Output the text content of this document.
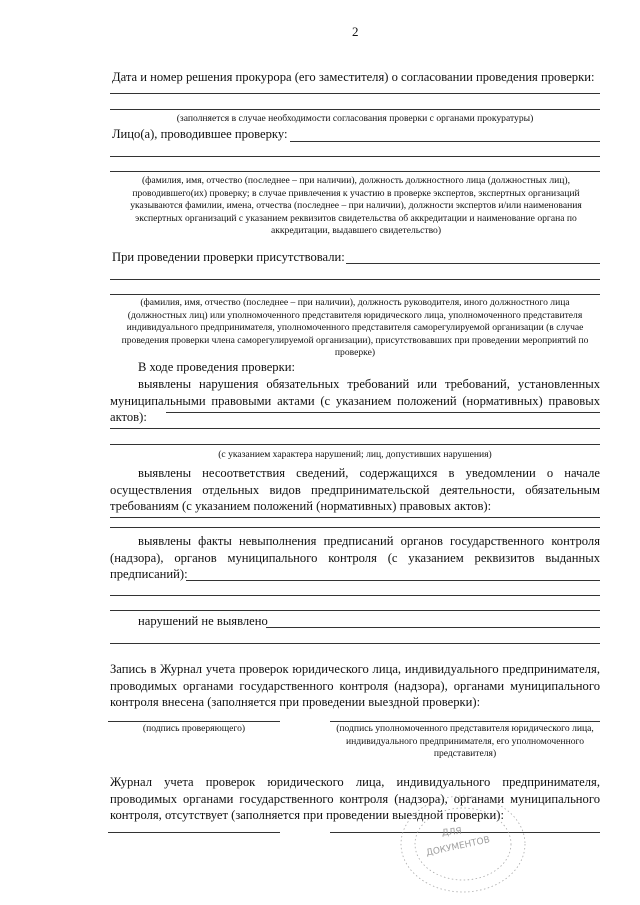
2
Дата и номер решения прокурора (его заместителя) о согласовании проведения проверки:
(заполняется в случае необходимости согласования проверки с органами прокуратуры)
Лицо(а), проводившее проверку:
(фамилия, имя, отчество (последнее – при наличии), должность должностного лица (должностных лиц), проводившего(их) проверку; в случае привлечения к участию в проверке экспертов, экспертных организаций указываются фамилии, имена, отчества (последнее – при наличии), должности экспертов и/или наименования экспертных организаций с указанием реквизитов свидетельства об аккредитации и наименование органа по аккредитации, выдавшего свидетельство)
При проведении проверки присутствовали:
(фамилия, имя, отчество (последнее – при наличии), должность руководителя, иного должностного лица (должностных лиц) или уполномоченного представителя юридического лица, уполномоченного представителя индивидуального предпринимателя, уполномоченного представителя саморегулируемой организации (в случае проведения проверки члена саморегулируемой организации), присутствовавших при проведении мероприятий по проверке)
В ходе проведения проверки:
выявлены нарушения обязательных требований или требований, установленных муниципальными правовыми актами (с указанием положений (нормативных) правовых актов):
(с указанием характера нарушений; лиц, допустивших нарушения)
выявлены несоответствия сведений, содержащихся в уведомлении о начале осуществления отдельных видов предпринимательской деятельности, обязательным требованиям (с указанием положений (нормативных) правовых актов):
выявлены факты невыполнения предписаний органов государственного контроля (надзора), органов муниципального контроля (с указанием реквизитов выданных предписаний):
нарушений не выявлено
Запись в Журнал учета проверок юридического лица, индивидуального предпринимателя, проводимых органами государственного контроля (надзора), органами муниципального контроля внесена (заполняется при проведении выездной проверки):
(подпись проверяющего)	(подпись уполномоченного представителя юридического лица, индивидуального предпринимателя, его уполномоченного представителя)
Журнал учета проверок юридического лица, индивидуального предпринимателя, проводимых органами государственного контроля (надзора), органами муниципального контроля, отсутствует (заполняется при проведении выездной проверки):
ДЛЯ
ДОКУМЕНТОВ
